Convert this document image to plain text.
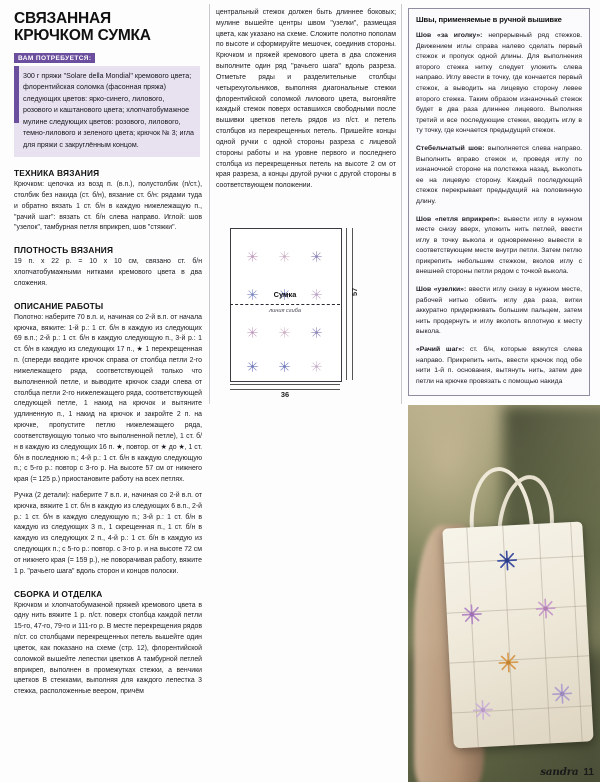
СВЯЗАННАЯ КРЮЧКОМ СУМКА
ВАМ ПОТРЕБУЕТСЯ:

300 г пряжи "Solare della Mondial" кремового цвета; флорентийская соломка (фасонная пряжа) следующих цветов: ярко-синего, лилового, розового и каштанового цвета; хлопчатобумажное мулине следующих цветов: розового, лилового, темно-лилового и зеленого цвета; крючок № 3; игла для пряжи с закруглённым концом.

ТЕХНИКА ВЯЗАНИЯ

Крючком: цепочка из возд п. (в.п.), полустолбик (п/ст.), столбик без накида (ст. б/н), вязание ст. б/н: рядами туда и обратно вязать 1 ст. б/н в каждую нижележащую п., "рачий шаг": вязать ст. б/н слева направо. Иглой: шов "узелок", тамбурная петля вприкреп, шов "стяжки".

ПЛОТНОСТЬ ВЯЗАНИЯ

19 п. х 22 р. = 10 х 10 см, связано ст. б/н хлопчатобумажными нитками кремового цвета в два сложения.

ОПИСАНИЕ РАБОТЫ

Полотно: наберите 70 в.п. и, начиная со 2-й в.п. от начала крючка, вяжите: 1-й р.: 1 ст. б/н в каждую из следующих 69 в.п.; 2-й р.: 1 ст. б/н в каждую следующую п., 3-й р.: 1 ст. б/н в каждую из следующих 17 п., ★ 1 перекрещенная п. (спереди вводите крючок справа от столбца петли 2-го нижележащего ряда, соответствующей только что выполненной петле, и выводите крючок сзади слева от столбца петли 2-го нижележащего ряда, соответствующей следующей петле, 1 накид на крючок и вытяните удлиненную п., 1 накид на крючок и закройте 2 п. на крючке, пропустите петлю нижележащего ряда, соответствующую только что выполненной петле), 1 ст. б/н в каждую из следующих 16 п. ★, повтор. от ★ до ★, 1 ст. б/н в последнюю п.; 4-й р.: 1 ст. б/н в каждую следующую п.; с 5-го р.: повтор с 3-го р. На высоте 57 см от нижнего края (= 125 р.) приостановите работу на всех петлях.

Ручка (2 детали): наберите 7 в.п. и, начиная со 2-й в.п. от крючка, вяжите 1 ст. б/н в каждую из следующих 6 в.п., 2-й р.: 1 ст. б/н в каждую следующую п.; 3-й р.: 1 ст. б/н в каждую из следующих 3 п., 1 скрещенная п., 1 ст. б/н в каждую из следующих 2 п., 4-й р.: 1 ст. б/н в каждую из следующих п.; с 5-го р.: повтор. с 3-го р. и на высоте 72 см от нижнего края (= 159 р.), не поворачивая работу, вяжите 1 р. "рачьего шага" вдоль сторон и концов полоски.

СБОРКА И ОТДЕЛКА

Крючком и хлопчатобумажной пряжей кремового цвета в одну нить вяжите 1 р. п/ст. поверх столбца каждой петли 15-го, 47-го, 79-го и 111-го р. В месте перекрещения рядов п/ст. со столбцами перекрещенных петель вышейте один цветок, как показано на схеме (стр. 12), флорентийской соломкой вышейте лепестки цветков А тамбурной петлей вприкреп, выполнен в промежутках стежки, а венчики цветков В стежками, выполняя для каждого лепестка 3 стежка, расположенные веером, причём

центральный стежок должен быть длиннее боковых; мулине вышейте центры швом "узелки", размещая цвета, как указано на схеме. Сложите полотно пополам по высоте и сформируйте мешочек, соединив стороны. Крючком и пряжей кремового цвета в два сложения выполните один ряд "рачьего шага" вдоль разреза. Отметьте ряды и разделительные столбцы четырехугольников, выполняя диагональные стежки флорентийской соломкой лилового цвета, выгоняйте каждый стежок поверх оставшихся свободными после вышивки цветков петель рядов из п/ст. и петель столбцов из перекрещенных петель. Пришейте концы одной ручки с одной стороны разреза с лицевой стороны работы и на уровне первого и последнего столбца из перекрещенных петель на высоте 2 см от края разреза, а концы другой ручки с другой стороны в соответствующем положении.
Сумка
линия сгиба
57
36
Швы, применяемые в ручной вышивке

Шов «за иголку»: непрерывный ряд стежков. Движением иглы справа налево сделать первый стежок и пропуск одной длины. Для выполнения второго стежка нитку следует уложить слева направо. Иглу ввести в точку, где кончается первый стежок, а выводить на лицевую сторону левее второго стежка. Таким образом изнаночный стежок будет в два раза длиннее лицевого. Выполняя третий и все последующие стежки, вводить иглу в ту точку, где кончается предыдущий стежок.

Стебельчатый шов: выполняется слева направо. Выполнить вправо стежок и, проведя иглу по изнаночной стороне на полстежка назад, выколоть ее на лицевую сторону. Каждый последующий стежок перекрывает предыдущий на половинную длину.

Шов «петля вприкреп»: вывести иглу в нужном месте снизу вверх, уложить нить петлей, ввести иглу в точку выкола и одновременно вывести в соответствующем месте внутри петли. Затем петлю прикрепить небольшим стежком, вколов иглу с внешней стороны петли рядом с точкой выкола.

Шов «узелки»: ввести иглу снизу в нужном месте, рабочей нитью обвить иглу два раза, витки аккуратно придерживать большим пальцем, затем нить продернуть и иглу вколоть вплотную к месту выкола.

«Рачий шаг»: ст. б/н, которые вяжутся слева направо. Прикрепить нить, ввести крючок под обе нити 1-й п. основания, вытянуть нить, затем две петли на крючке провязать с помощью накида

sandra 11
